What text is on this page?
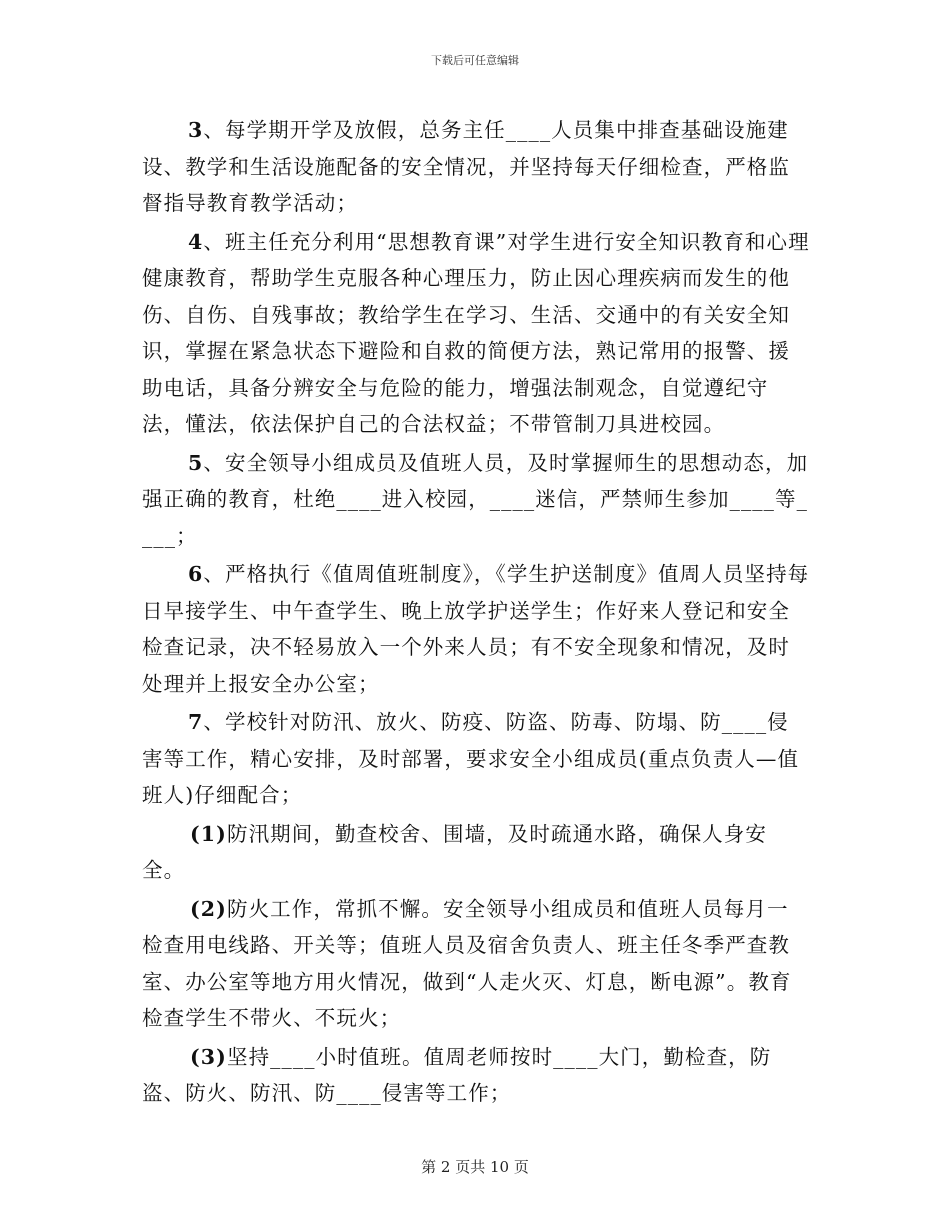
下载后可任意编辑

3、每学期开学及放假，总务主任____人员集中排查基础设施建设、教学和生活设施配备的安全情况，并坚持每天仔细检查，严格监督指导教育教学活动；

4、班主任充分利用“思想教育课”对学生进行安全知识教育和心理健康教育，帮助学生克服各种心理压力，防止因心理疾病而发生的他伤、自伤、自残事故；教给学生在学习、生活、交通中的有关安全知识，掌握在紧急状态下避险和自救的简便方法，熟记常用的报警、援助电话，具备分辨安全与危险的能力，增强法制观念，自觉遵纪守法，懂法，依法保护自己的合法权益；不带管制刀具进校园。

5、安全领导小组成员及值班人员，及时掌握师生的思想动态，加强正确的教育，杜绝____进入校园，____迷信，严禁师生参加____等____；

6、严格执行《值周值班制度》，《学生护送制度》值周人员坚持每日早接学生、中午查学生、晚上放学护送学生；作好来人登记和安全检查记录，决不轻易放入一个外来人员；有不安全现象和情况，及时处理并上报安全办公室；

7、学校针对防汛、放火、防疫、防盗、防毒、防塌、防____侵害等工作，精心安排，及时部署，要求安全小组成员(重点负责人—值班人)仔细配合；

(1)防汛期间，勤查校舍、围墙，及时疏通水路，确保人身安全。

(2)防火工作，常抓不懈。安全领导小组成员和值班人员每月一检查用电线路、开关等；值班人员及宿舍负责人、班主任冬季严查教室、办公室等地方用火情况，做到“人走火灭、灯息，断电源”。教育检查学生不带火、不玩火；

(3)坚持____小时值班。值周老师按时____大门，勤检查，防盗、防火、防汛、防____侵害等工作；

第 2 页共 10 页
